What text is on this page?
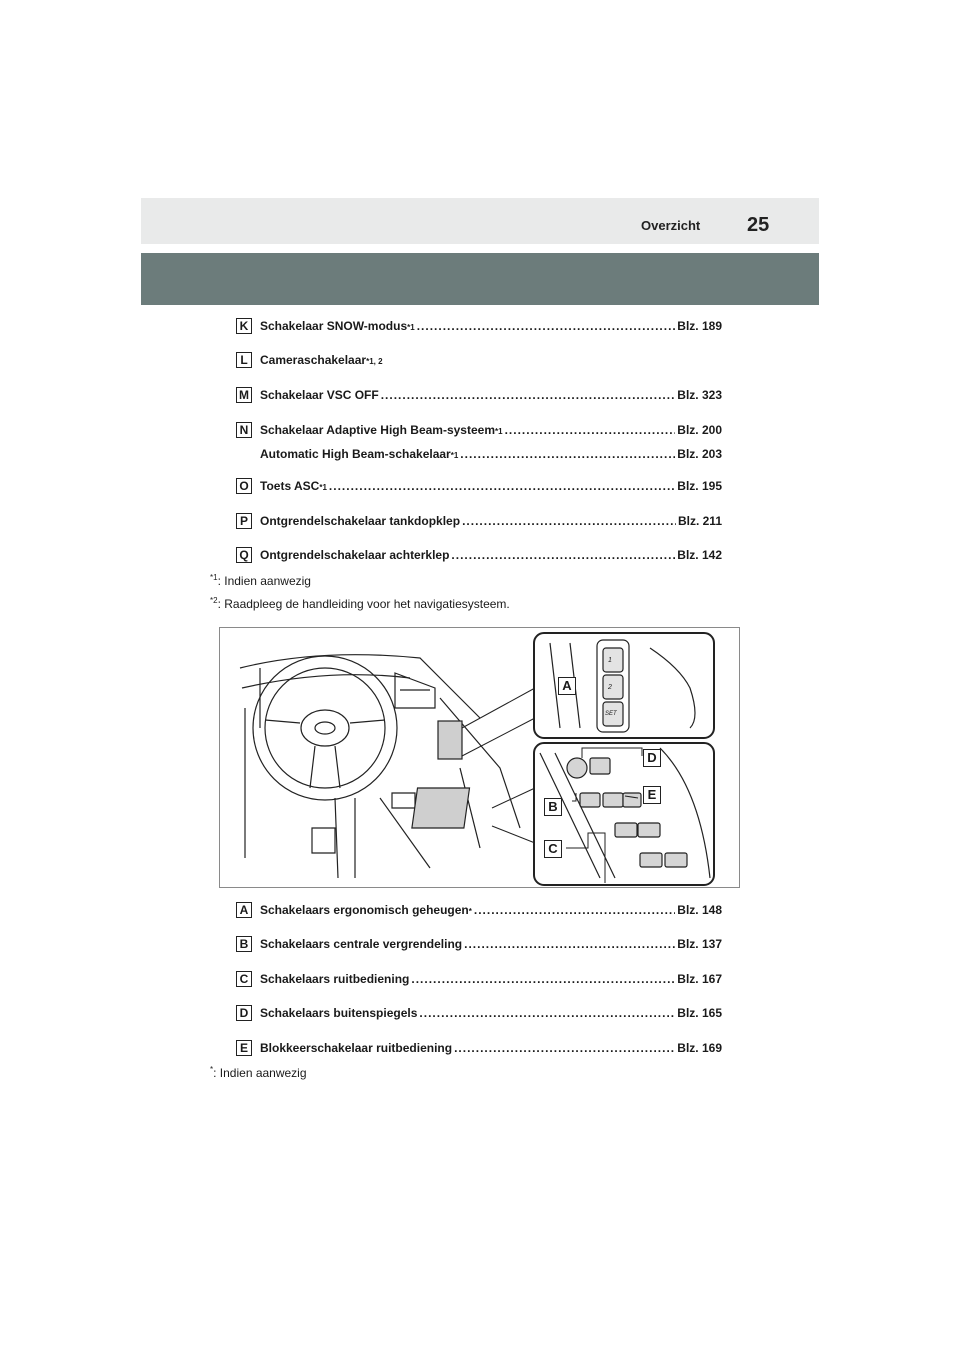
Overzicht 25
K Schakelaar SNOW-modus *1 .....	Blz. 189
L	Cameraschakelaar *1, 2
M Schakelaar VSC OFF .....	Blz. 323
N Schakelaar Adaptive High Beam-systeem *1 .....	Blz. 200
Automatic High Beam-schakelaar *1 .....	Blz. 203
O Toets ASC *1 .....	Blz. 195
P	Ontgrendelschakelaar tankdopklep .....	Blz. 211
Q Ontgrendelschakelaar achterklep .....	Blz. 142
$^{*1}$: Indien aanwezig
$^{*2}$: Raadpleeg de handleiding voor het navigatiesysteem.
A
D
B
E
C
1
2
SET
A Schakelaars ergonomisch geheugen * .....	Blz. 148
B Schakelaars centrale vergrendeling .....	Blz. 137
C Schakelaars ruitbediening .....	Blz. 167
D Schakelaars buitenspiegels .....	Blz. 165
E	Blokkeerschakelaar ruitbediening .....	Blz. 169
*: Indien aanwezig
